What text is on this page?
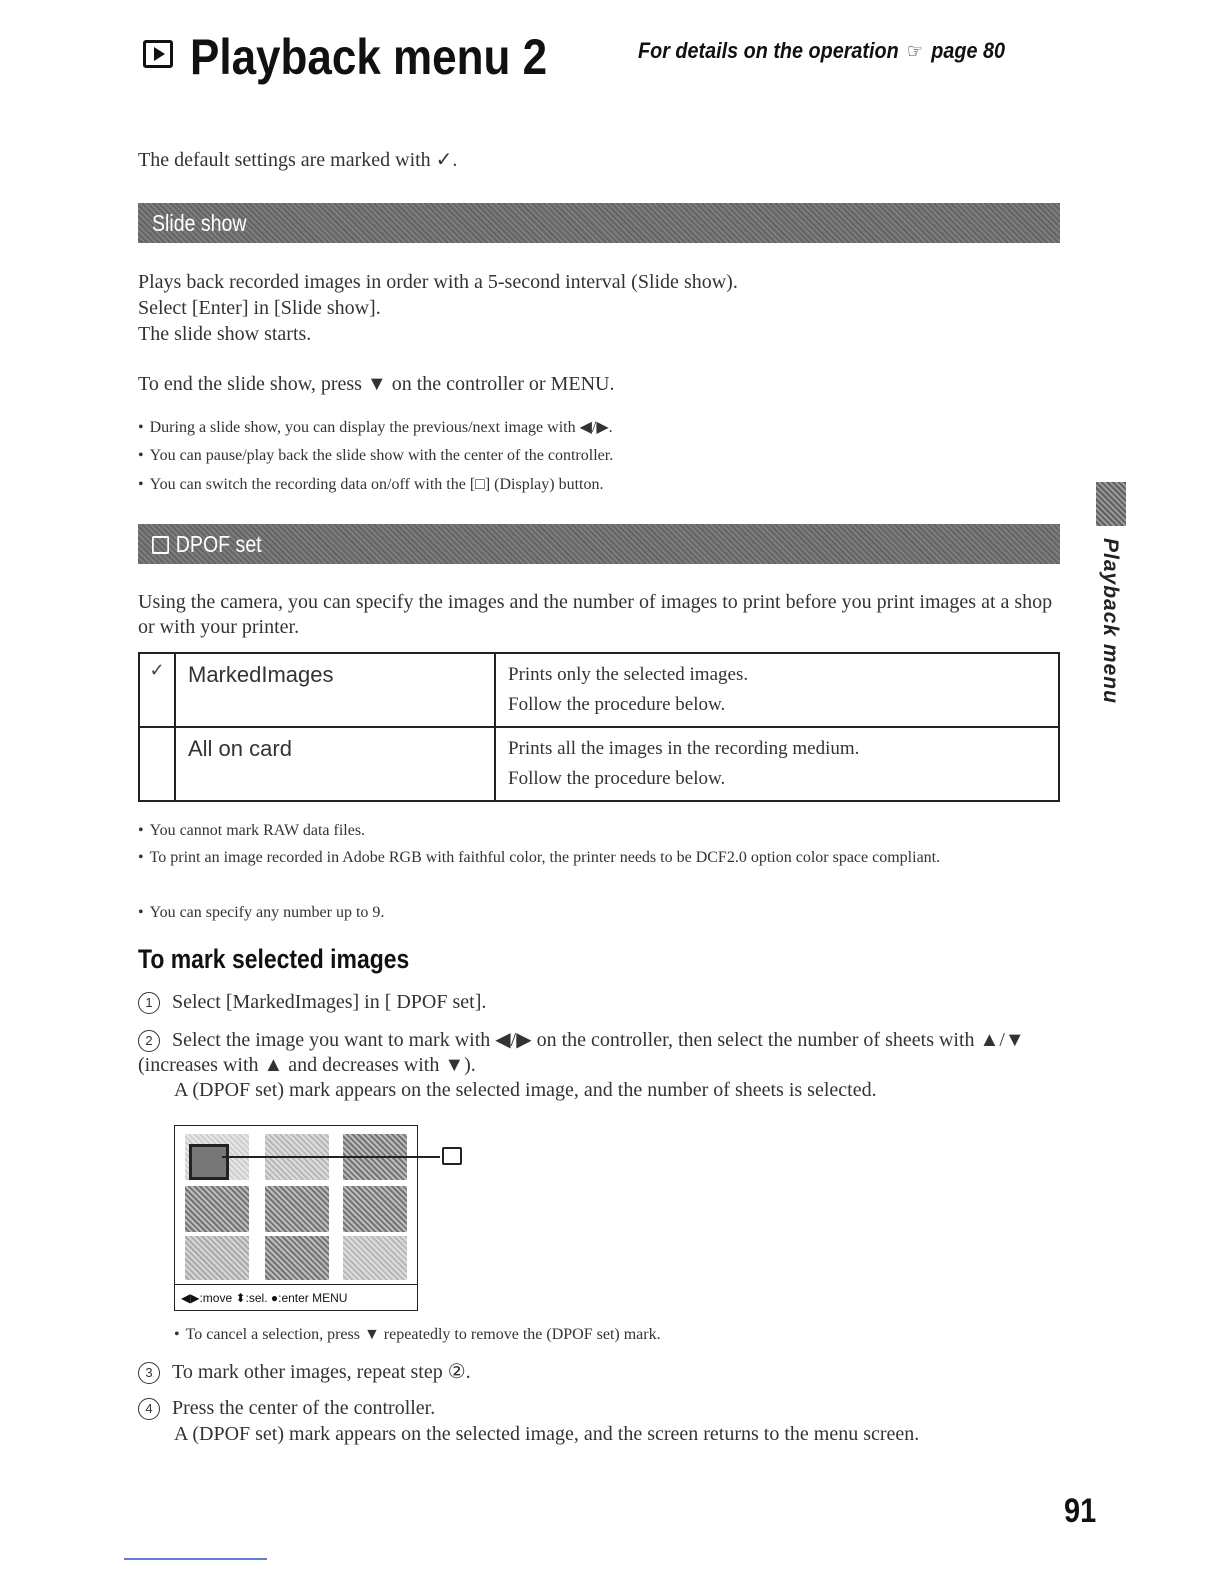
Playback menu 2	For details on the operation ☞ page 80
The default settings are marked with ✓.
Slide show
Plays back recorded images in order with a 5-second interval (Slide show).
Select [Enter] in [Slide show].
The slide show starts.
To end the slide show, press ▼ on the controller or MENU.
• During a slide show, you can display the previous/next image with ◀/▶.
• You can pause/play back the slide show with the center of the controller.
• You can switch the recording data on/off with the [□] (Display) button.
DPOF set
Using the camera, you can specify the images and the number of images to print before you print images at a shop or with your printer.
✓	MarkedImages	Prints only the selected images.
Follow the procedure below.

	All on card	Prints all the images in the recording medium.
Follow the procedure below.
• You cannot mark RAW data files.
• To print an image recorded in Adobe RGB with faithful color, the printer needs to be DCF2.0 option color space compliant.
• You can specify any number up to 9.
To mark selected images
1 Select [MarkedImages] in [ DPOF set].
2 Select the image you want to mark with ◀/▶ on the controller, then select the number of sheets with ▲/▼ (increases with ▲ and decreases with ▼).
A (DPOF set) mark appears on the selected image, and the number of sheets is selected.
◀▶:move ⬍:sel. ●:enter MENU
• To cancel a selection, press ▼ repeatedly to remove the (DPOF set) mark.
3 To mark other images, repeat step ②.
4 Press the center of the controller.
A (DPOF set) mark appears on the selected image, and the screen returns to the menu screen.
Playback menu
91
